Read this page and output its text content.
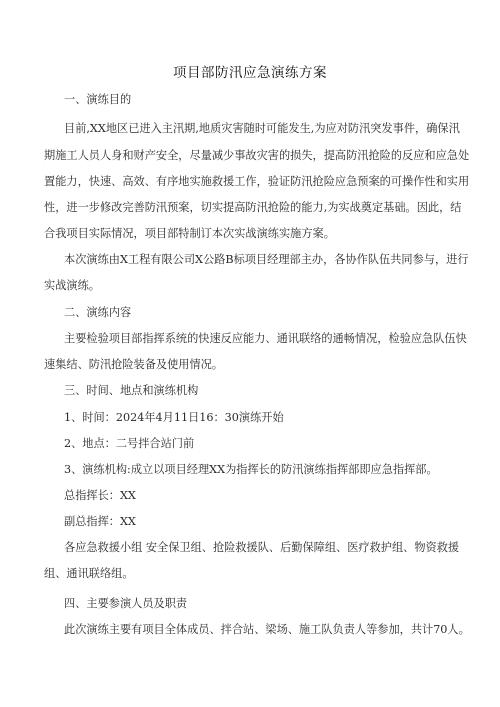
项目部防汛应急演练方案
一、演练目的
目前,XX地区已进入主汛期,地质灾害随时可能发生,为应对防汛突发事件，确保汛
期施工人员人身和财产安全，尽量减少事故灾害的损失，提高防汛抢险的反应和应急处
置能力，快速、高效、有序地实施救援工作，验证防汛抢险应急预案的可操作性和实用
性，进一步修改完善防汛预案，切实提高防汛抢险的能力,为实战奠定基础。因此，结
合我项目实际情况，项目部特制订本次实战演练实施方案。
本次演练由X工程有限公司X公路B标项目经理部主办，各协作队伍共同参与，进行
实战演练。
二、演练内容
主要检验项目部指挥系统的快速反应能力、通讯联络的通畅情况，检验应急队伍快
速集结、防汛抢险装备及使用情况。
三、时间、地点和演练机构
1、时间：2024年4月11日16：30演练开始
2、地点：二号拌合站门前
3、演练机构:成立以项目经理XX为指挥长的防汛演练指挥部即应急指挥部。
总指挥长：XX
副总指挥：XX
各应急救援小组 安全保卫组、抢险救援队、后勤保障组、医疗救护组、物资救援
组、通讯联络组。
四、主要参演人员及职责
此次演练主要有项目全体成员、拌合站、梁场、施工队负责人等参加，共计70人。
